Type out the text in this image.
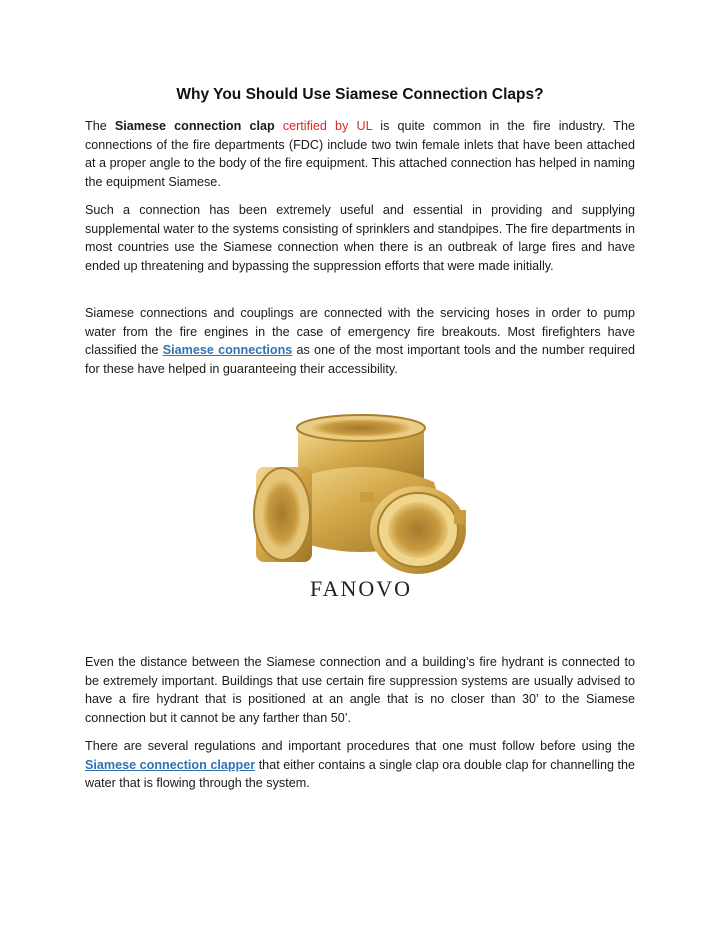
Why You Should Use Siamese Connection Claps?

The Siamese connection clap certified by UL is quite common in the fire industry. The connections of the fire departments (FDC) include two twin female inlets that have been attached at a proper angle to the body of the fire equipment. This attached connection has helped in naming the equipment Siamese.

Such a connection has been extremely useful and essential in providing and supplying supplemental water to the systems consisting of sprinklers and standpipes. The fire departments in most countries use the Siamese connection when there is an outbreak of large fires and have ended up threatening and bypassing the suppression efforts that were made initially.

Siamese connections and couplings are connected with the servicing hoses in order to pump water from the fire engines in the case of emergency fire breakouts. Most firefighters have classified the Siamese connections as one of the most important tools and the number required for these have helped in guaranteeing their accessibility.

FANOVO

Even the distance between the Siamese connection and a building’s fire hydrant is connected to be extremely important. Buildings that use certain fire suppression systems are usually advised to have a fire hydrant that is positioned at an angle that is no closer than 30’ to the Siamese connection but it cannot be any farther than 50’.

There are several regulations and important procedures that one must follow before using the Siamese connection clapper that either contains a single clap ora double clap for channelling the water that is flowing through the system.
